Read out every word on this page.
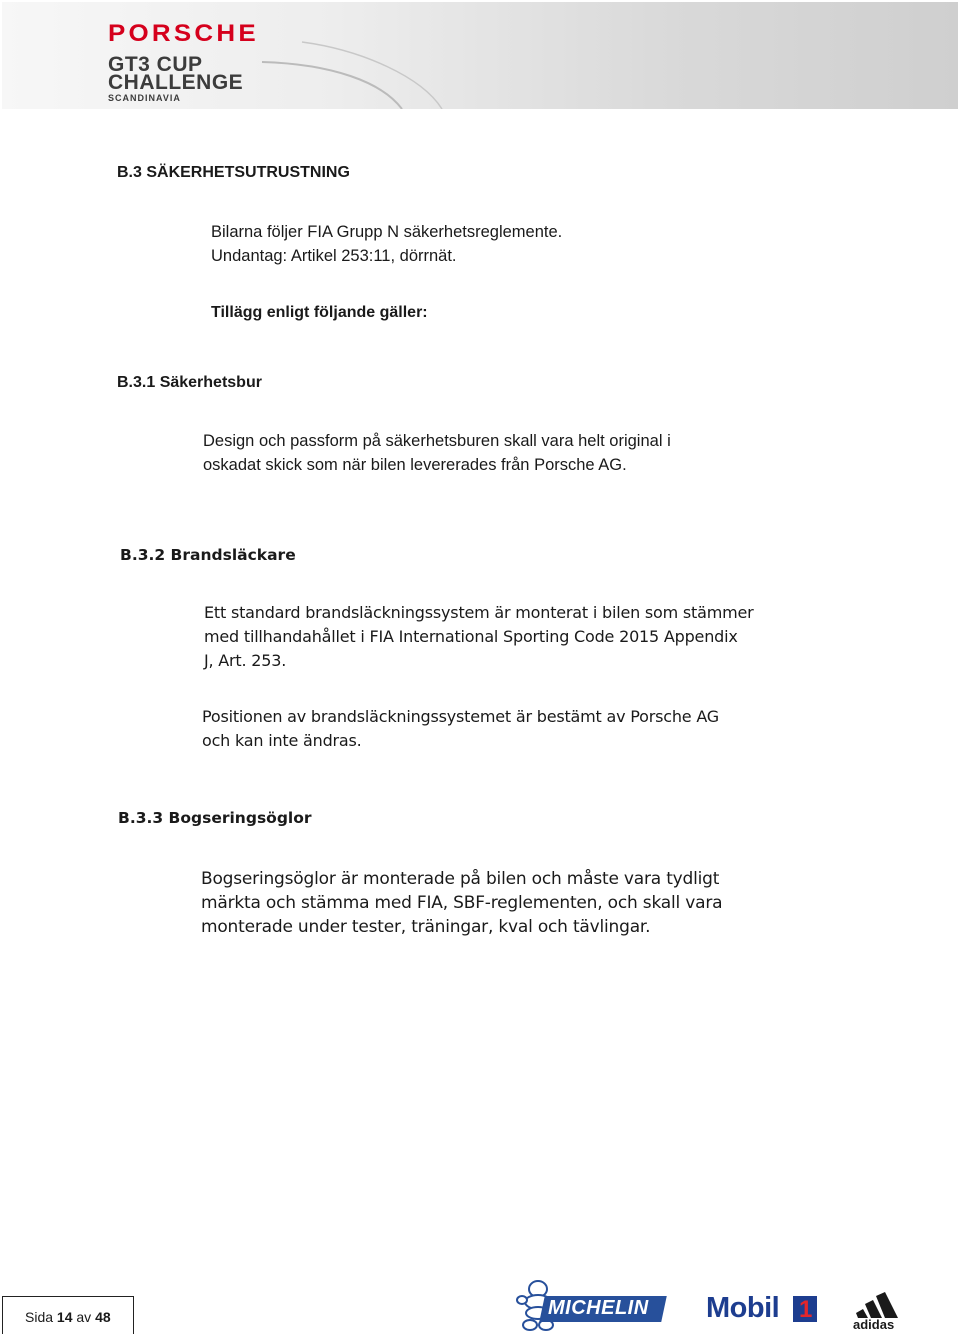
PORSCHE
GT3 CUP
CHALLENGE
SCANDINAVIA
B.3 SÄKERHETSUTRUSTNING

Bilarna följer FIA Grupp N säkerhetsreglemente.

Undantag: Artikel 253:11, dörrnät.

Tillägg enligt följande gäller:
B.3.1 Säkerhetsbur

Design och passform på säkerhetsburen skall vara helt original i

oskadat skick som när bilen levererades från Porsche AG.

B.3.2 Brandsläckare

Ett standard brandsläckningssystem är monterat i bilen som stämmer

med tillhandahållet i FIA International Sporting Code 2015 Appendix

J, Art. 253.

Positionen av brandsläckningssystemet är bestämt av Porsche AG

och kan inte ändras.

B.3.3 Bogseringsöglor

Bogseringsöglor är monterade på bilen och måste vara tydligt

märkta och stämma med FIA, SBF-reglementen, och skall vara

monterade under tester, träningar, kval och tävlingar.

Sida 14 av 48	MICHELIN Mobil 1
adidas
